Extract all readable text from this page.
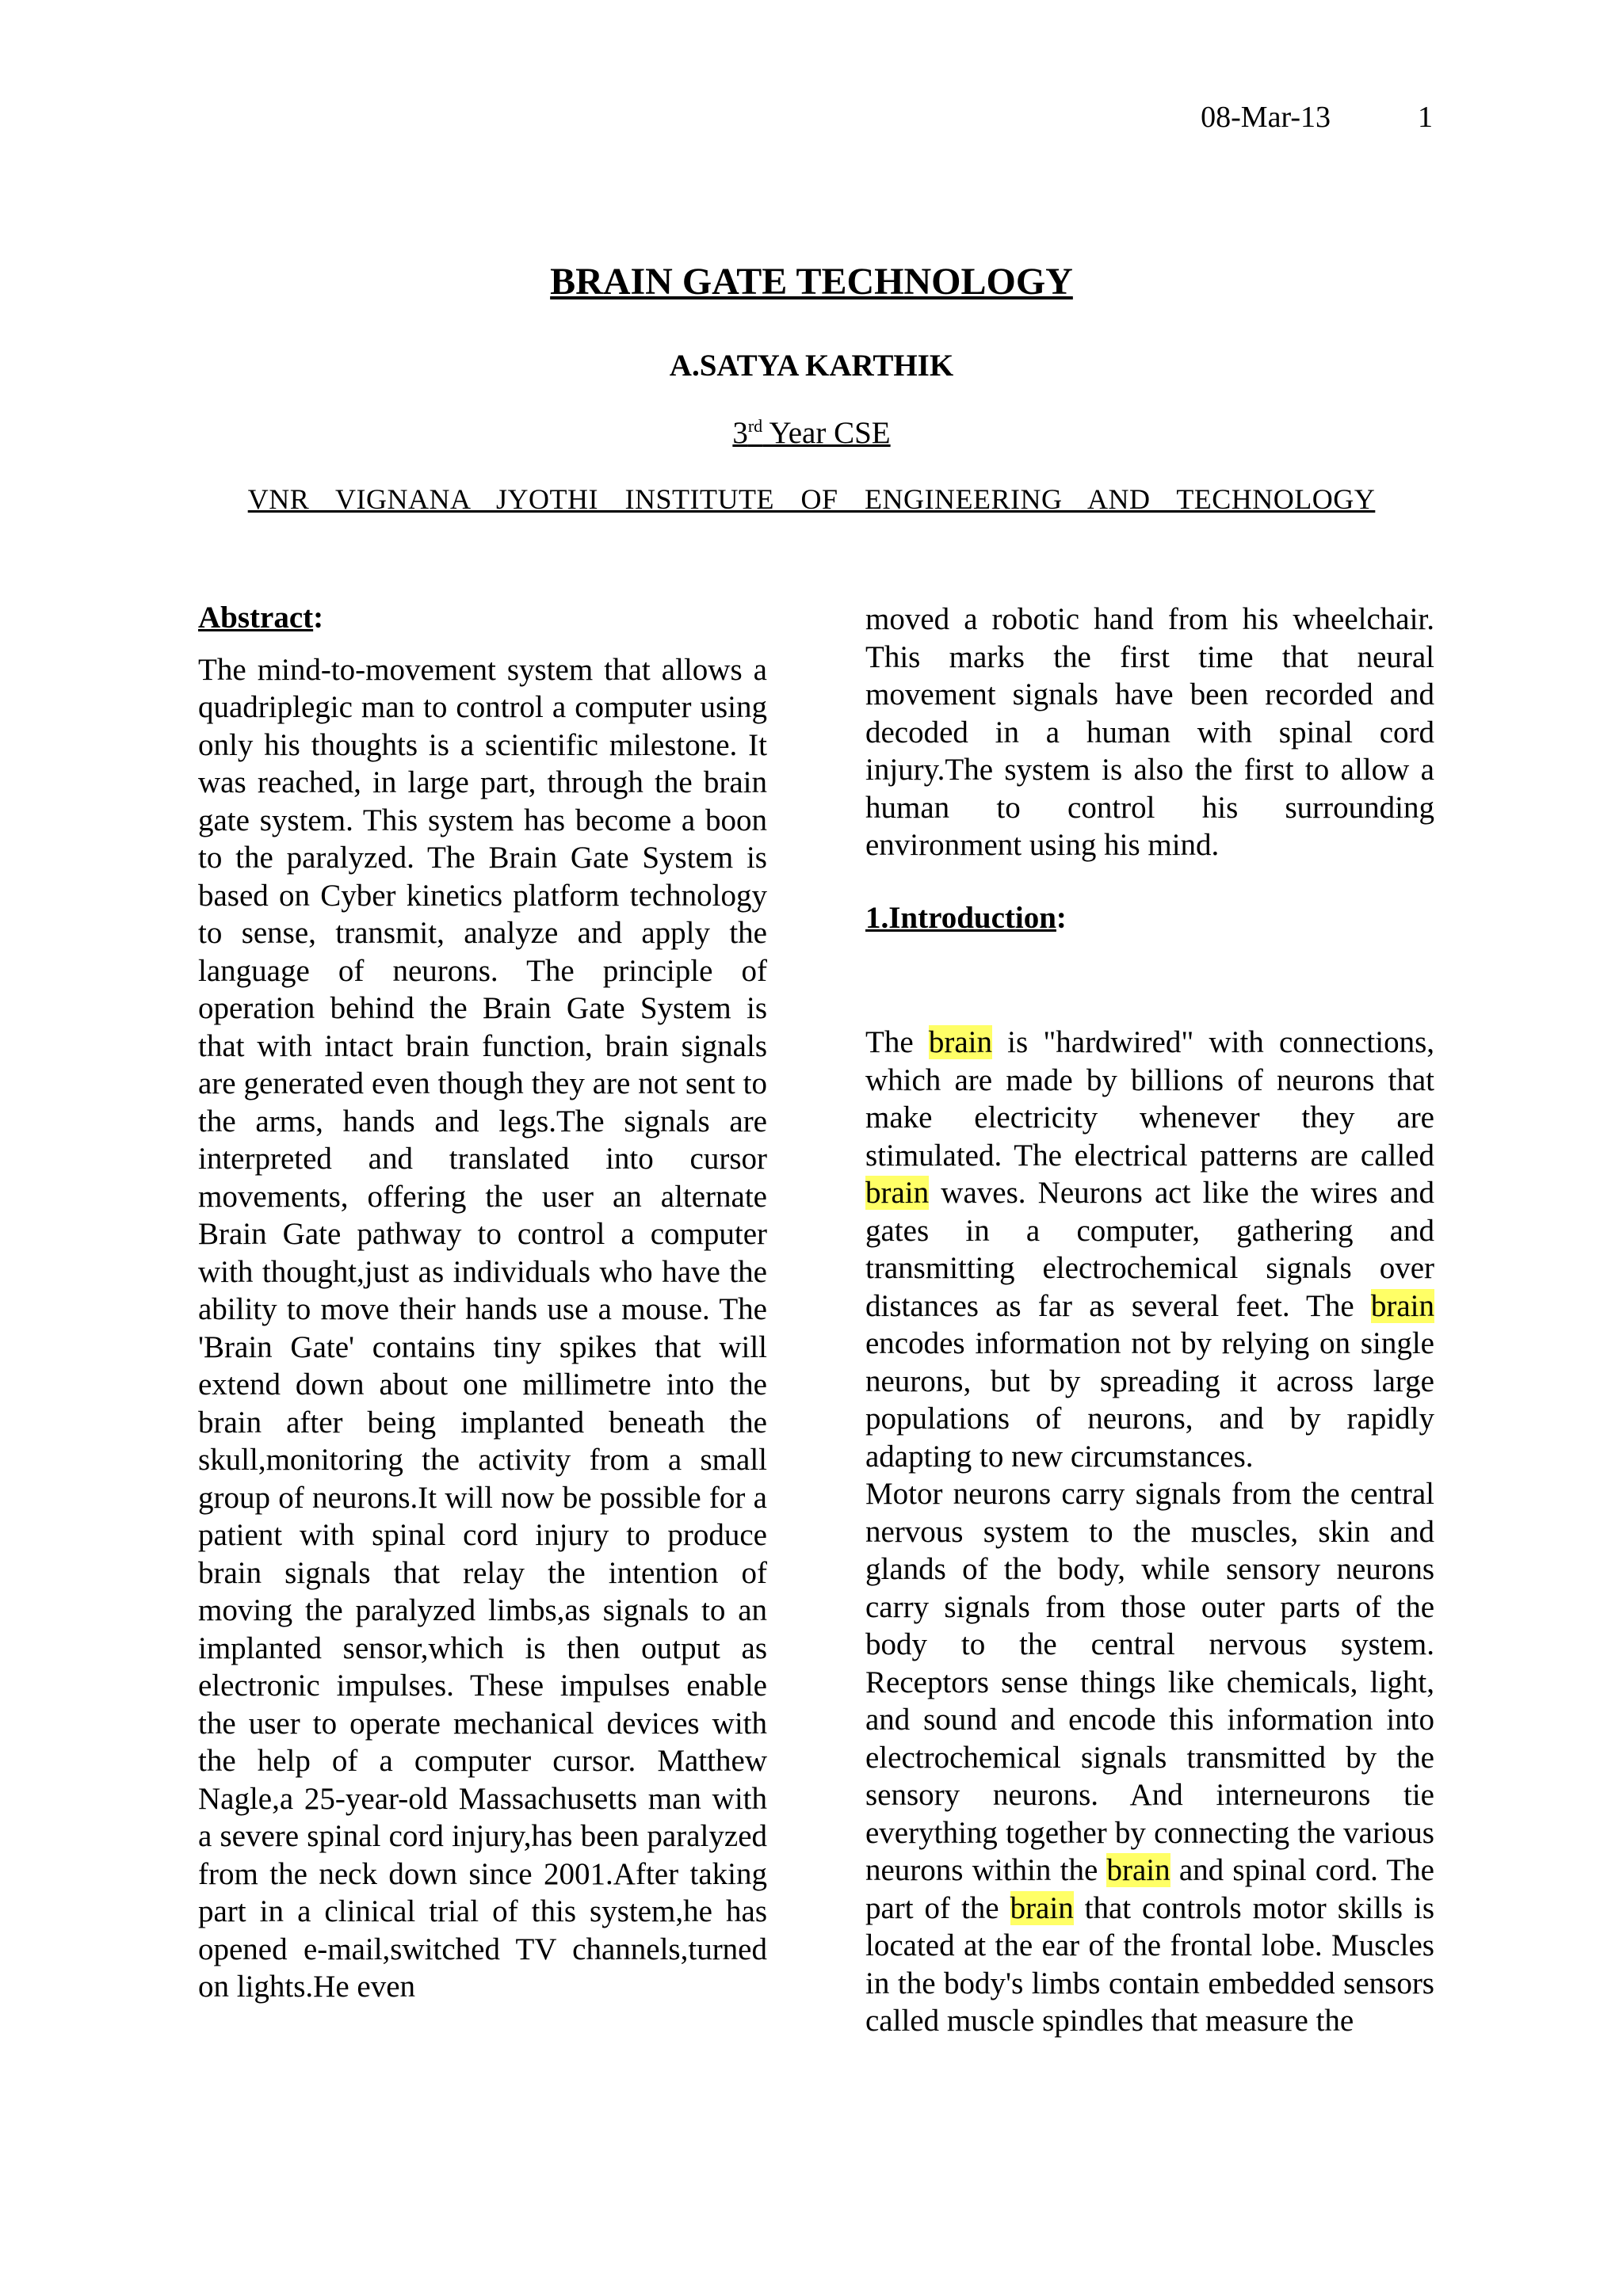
08-Mar-13	1
BRAIN GATE TECHNOLOGY
A.SATYA KARTHIK
3rd Year CSE
VNR VIGNANA JYOTHI INSTITUTE OF ENGINEERING AND TECHNOLOGY
Abstract:

The mind-to-movement system that allows a quadriplegic man to control a computer using only his thoughts is a scientific milestone. It was reached, in large part, through the brain gate system. This system has become a boon to the paralyzed. The Brain Gate System is based on Cyber kinetics platform technology to sense, transmit, analyze and apply the language of neurons. The principle of operation behind the Brain Gate System is that with intact brain function, brain signals are generated even though they are not sent to the arms, hands and legs.The signals are interpreted and translated into cursor movements, offering the user an alternate Brain Gate pathway to control a computer with thought,just as individuals who have the ability to move their hands use a mouse. The 'Brain Gate' contains tiny spikes that will extend down about one millimetre into the brain after being implanted beneath the skull,monitoring the activity from a small group of neurons.It will now be possible for a patient with spinal cord injury to produce brain signals that relay the intention of moving the paralyzed limbs,as signals to an implanted sensor,which is then output as electronic impulses. These impulses enable the user to operate mechanical devices with the help of a computer cursor. Matthew Nagle,a 25-year-old Massachusetts man with a severe spinal cord injury,has been paralyzed from the neck down since 2001.After taking part in a clinical trial of this system,he has opened e-mail,switched TV channels,turned on lights.He even

moved a robotic hand from his wheelchair. This marks the first time that neural movement signals have been recorded and decoded in a human with spinal cord injury.The system is also the first to allow a human to control his surrounding environment using his mind.

1.Introduction:

The brain is "hardwired" with connections, which are made by billions of neurons that make electricity whenever they are stimulated. The electrical patterns are called brain waves. Neurons act like the wires and gates in a computer, gathering and transmitting electrochemical signals over distances as far as several feet. The brain encodes information not by relying on single neurons, but by spreading it across large populations of neurons, and by rapidly adapting to new circumstances.

Motor neurons carry signals from the central nervous system to the muscles, skin and glands of the body, while sensory neurons carry signals from those outer parts of the body to the central nervous system. Receptors sense things like chemicals, light, and sound and encode this information into electrochemical signals transmitted by the sensory neurons. And interneurons tie everything together by connecting the various neurons within the brain and spinal cord. The part of the brain that controls motor skills is located at the ear of the frontal lobe. Muscles in the body's limbs contain embedded sensors called muscle spindles that measure the
